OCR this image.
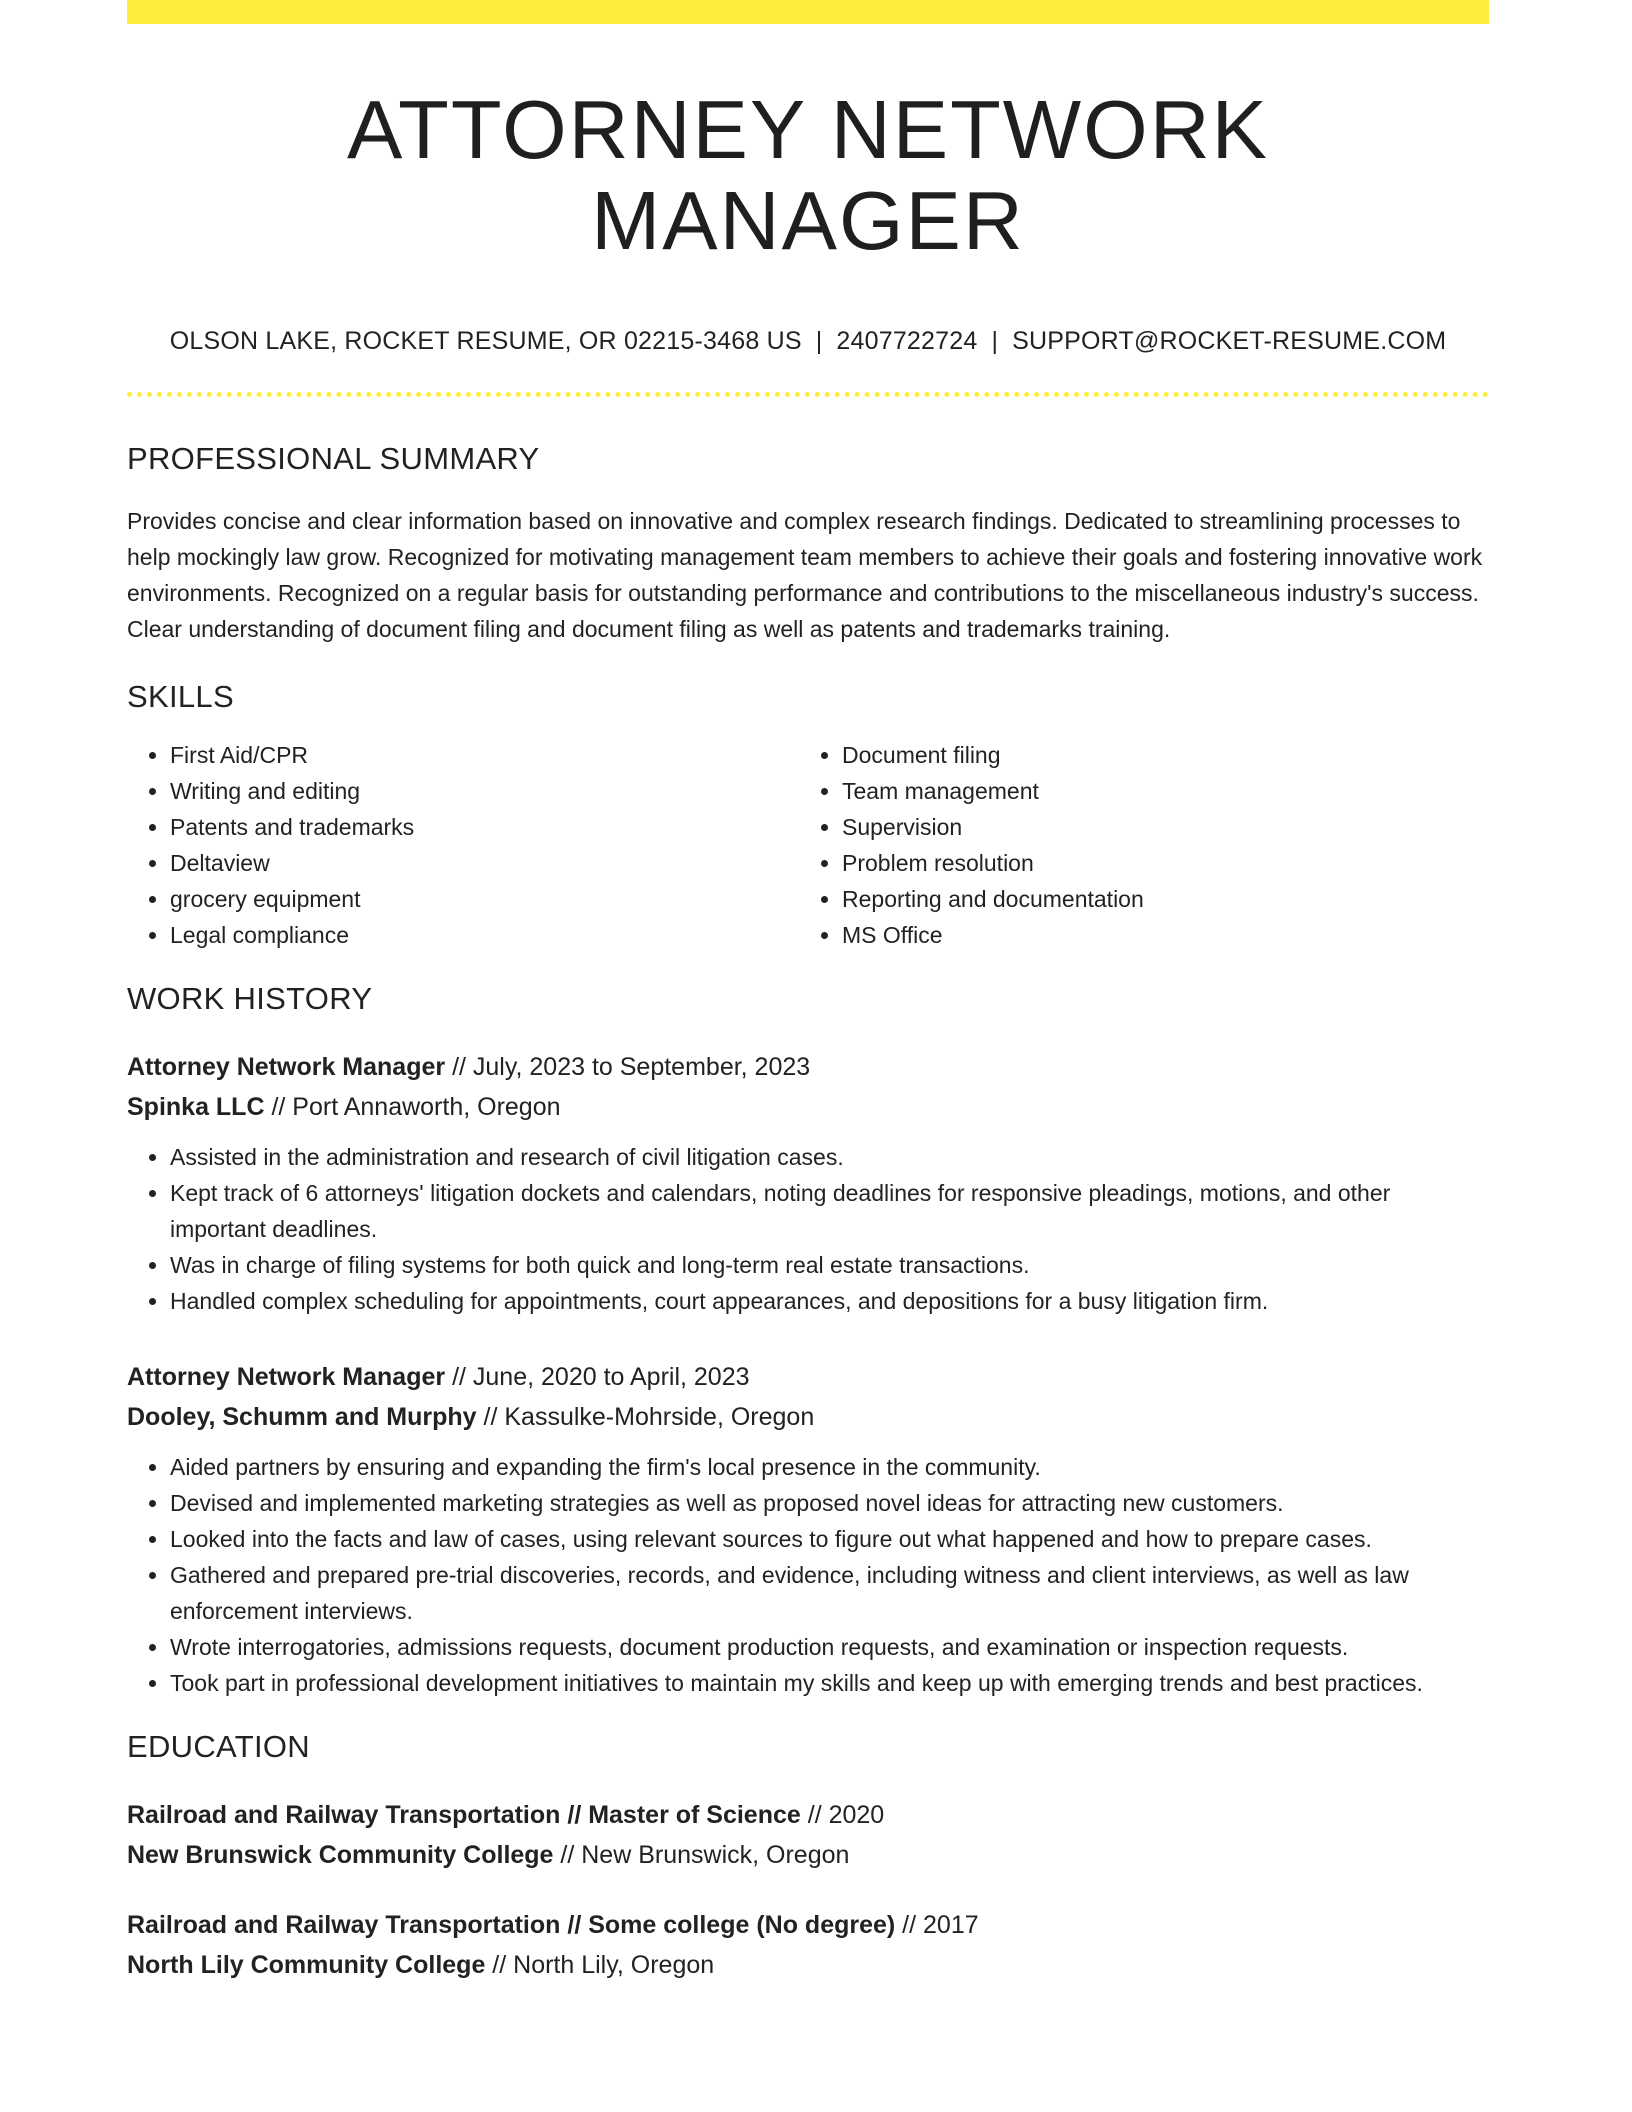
ATTORNEY NETWORK MANAGER
OLSON LAKE, ROCKET RESUME, OR 02215-3468 US | 2407722724 | SUPPORT@ROCKET-RESUME.COM
PROFESSIONAL SUMMARY
Provides concise and clear information based on innovative and complex research findings. Dedicated to streamlining processes to help mockingly law grow. Recognized for motivating management team members to achieve their goals and fostering innovative work environments. Recognized on a regular basis for outstanding performance and contributions to the miscellaneous industry's success. Clear understanding of document filing and document filing as well as patents and trademarks training.
SKILLS
• First Aid/CPR
• Writing and editing
• Patents and trademarks
• Deltaview
• grocery equipment
• Legal compliance
• Document filing
• Team management
• Supervision
• Problem resolution
• Reporting and documentation
• MS Office
WORK HISTORY
Attorney Network Manager // July, 2023 to September, 2023
Spinka LLC // Port Annaworth, Oregon
• Assisted in the administration and research of civil litigation cases.
• Kept track of 6 attorneys' litigation dockets and calendars, noting deadlines for responsive pleadings, motions, and other important deadlines.
• Was in charge of filing systems for both quick and long-term real estate transactions.
• Handled complex scheduling for appointments, court appearances, and depositions for a busy litigation firm.
Attorney Network Manager // June, 2020 to April, 2023
Dooley, Schumm and Murphy // Kassulke-Mohrside, Oregon
• Aided partners by ensuring and expanding the firm's local presence in the community.
• Devised and implemented marketing strategies as well as proposed novel ideas for attracting new customers.
• Looked into the facts and law of cases, using relevant sources to figure out what happened and how to prepare cases.
• Gathered and prepared pre-trial discoveries, records, and evidence, including witness and client interviews, as well as law enforcement interviews.
• Wrote interrogatories, admissions requests, document production requests, and examination or inspection requests.
• Took part in professional development initiatives to maintain my skills and keep up with emerging trends and best practices.
EDUCATION
Railroad and Railway Transportation // Master of Science // 2020
New Brunswick Community College // New Brunswick, Oregon
Railroad and Railway Transportation // Some college (No degree) // 2017
North Lily Community College // North Lily, Oregon
